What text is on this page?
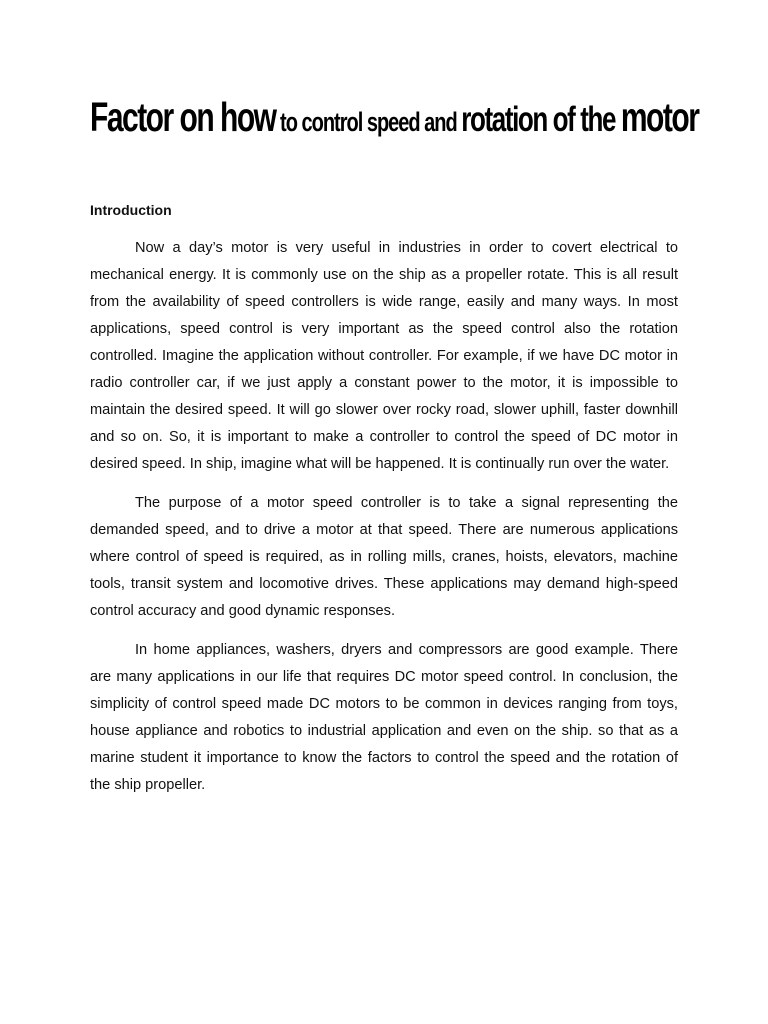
Factor on how to control speed and rotation of the motor
Introduction

Now a day’s motor is very useful in industries in order to covert electrical to mechanical energy. It is commonly use on the ship as a propeller rotate. This is all result from the availability of speed controllers is wide range, easily and many ways. In most applications, speed control is very important as the speed control also the rotation controlled. Imagine the application without controller. For example, if we have DC motor in radio controller car, if we just apply a constant power to the motor, it is impossible to maintain the desired speed. It will go slower over rocky road, slower uphill, faster downhill and so on. So, it is important to make a controller to control the speed of DC motor in desired speed. In ship, imagine what will be happened. It is continually run over the water.

The purpose of a motor speed controller is to take a signal representing the demanded speed, and to drive a motor at that speed. There are numerous applications where control of speed is required, as in rolling mills, cranes, hoists, elevators, machine tools, transit system and locomotive drives. These applications may demand high-speed control accuracy and good dynamic responses.

In home appliances, washers, dryers and compressors are good example. There are many applications in our life that requires DC motor speed control. In conclusion, the simplicity of control speed made DC motors to be common in devices ranging from toys, house appliance and robotics to industrial application and even on the ship. so that as a marine student it importance to know the factors to control the speed and the rotation of the ship propeller.
